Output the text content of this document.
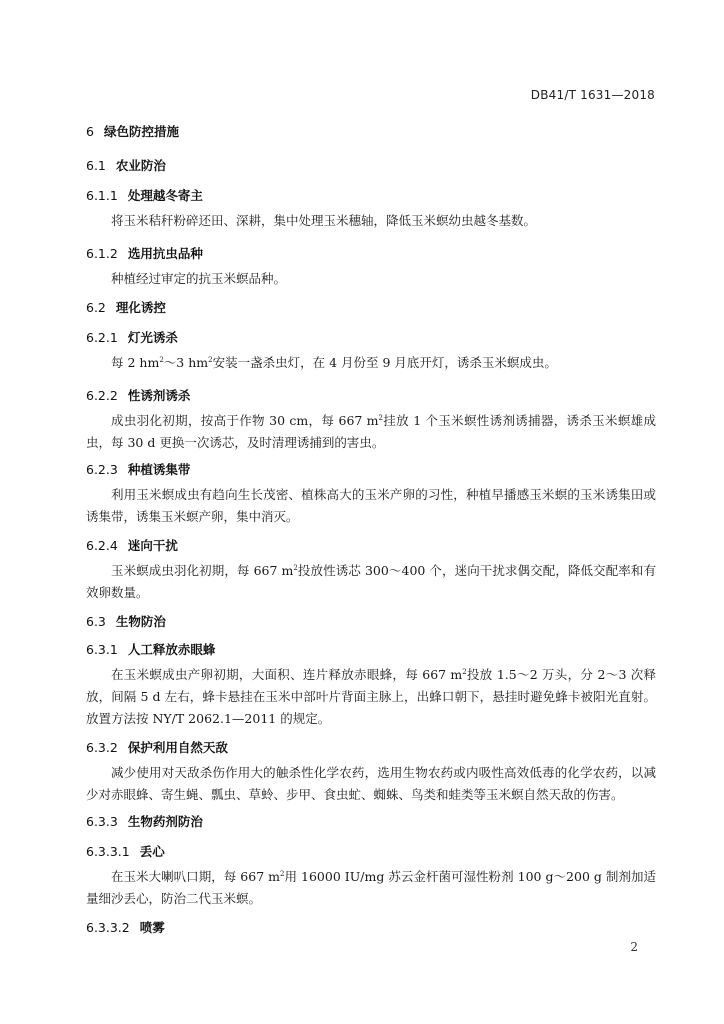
DB41/T 1631—2018
6 绿色防控措施
6.1 农业防治
6.1.1 处理越冬寄主
将玉米秸秆粉碎还田、深耕，集中处理玉米穗轴，降低玉米螟幼虫越冬基数。
6.1.2 选用抗虫品种
种植经过审定的抗玉米螟品种。
6.2 理化诱控
6.2.1 灯光诱杀
每 2 $hm^2\sim 3$ $hm^2$安装一盏杀虫灯，在 4 月份至 9 月底开灯，诱杀玉米螟成虫。
6.2.2 性诱剂诱杀
成虫羽化初期，按高于作物 30 cm，每 667 $m^2$挂放 1 个玉米螟性诱剂诱捕器，诱杀玉米螟雄成虫，每 30 d 更换一次诱芯，及时清理诱捕到的害虫。
6.2.3 种植诱集带
利用玉米螟成虫有趋向生长茂密、植株高大的玉米产卵的习性，种植早播感玉米螟的玉米诱集田或诱集带，诱集玉米螟产卵，集中消灭。
6.2.4 迷向干扰
玉米螟成虫羽化初期，每 667 $m^2$投放性诱芯 300～400 个，迷向干扰求偶交配，降低交配率和有效卵数量。
6.3 生物防治
6.3.1 人工释放赤眼蜂
在玉米螟成虫产卵初期，大面积、连片释放赤眼蜂，每 667 $m^2$投放 1.5～2 万头，分 2～3 次释放，间隔 5 d 左右，蜂卡悬挂在玉米中部叶片背面主脉上，出蜂口朝下，悬挂时避免蜂卡被阳光直射。放置方法按 NY/T 2062.1—2011 的规定。
6.3.2 保护利用自然天敌
减少使用对天敌杀伤作用大的触杀性化学农药，选用生物农药或内吸性高效低毒的化学农药，以减少对赤眼蜂、寄生蝇、瓢虫、草蛉、步甲、食虫虻、蜘蛛、鸟类和蛙类等玉米螟自然天敌的伤害。
6.3.3 生物药剂防治
6.3.3.1 丢心
在玉米大喇叭口期，每 667 $m^2$用 16000 IU/mg 苏云金杆菌可湿性粉剂 100 g～200 g 制剂加适量细沙丢心，防治二代玉米螟。
6.3.3.2 喷雾
2
